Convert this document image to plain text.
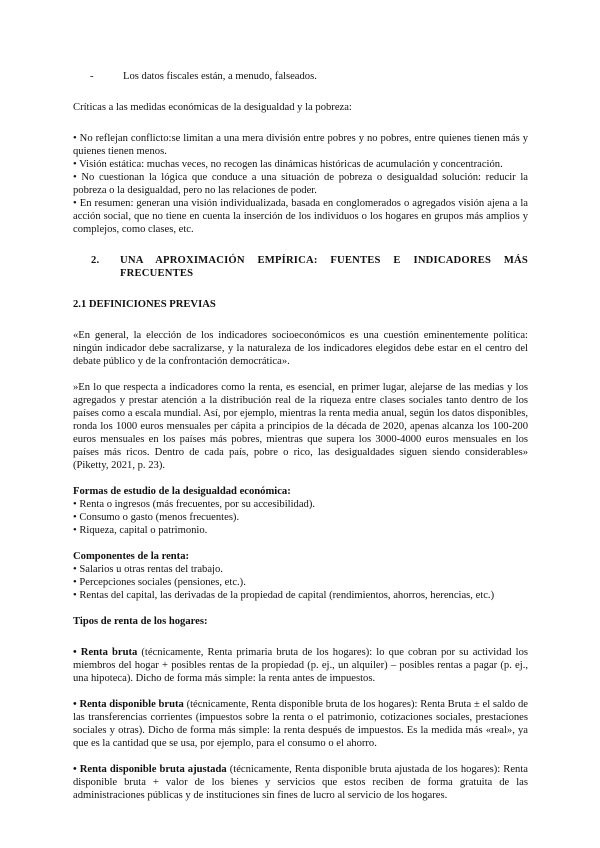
-	Los datos fiscales están, a menudo, falseados.

Críticas a las medidas económicas de la desigualdad y la pobreza:

• No reflejan conflicto:se limitan a una mera división entre pobres y no pobres, entre quienes tienen más y quienes tienen menos.

• Visión estática: muchas veces, no recogen las dinámicas históricas de acumulación y concentración.

• No cuestionan la lógica que conduce a una situación de pobreza o desigualdad solución: reducir la pobreza o la desigualdad, pero no las relaciones de poder.

• En resumen: generan una visión individualizada, basada en conglomerados o agregados visión ajena a la acción social, que no tiene en cuenta la inserción de los individuos o los hogares en grupos más amplios y complejos, como clases, etc.

2. UNA APROXIMACIÓN EMPÍRICA: FUENTES E INDICADORES MÁS FRECUENTES

2.1 DEFINICIONES PREVIAS

«En general, la elección de los indicadores socioeconómicos es una cuestión eminentemente política: ningún indicador debe sacralizarse, y la naturaleza de los indicadores elegidos debe estar en el centro del debate público y de la confrontación democrática».

»En lo que respecta a indicadores como la renta, es esencial, en primer lugar, alejarse de las medias y los agregados y prestar atención a la distribución real de la riqueza entre clases sociales tanto dentro de los países como a escala mundial. Así, por ejemplo, mientras la renta media anual, según los datos disponibles, ronda los 1000 euros mensuales per cápita a principios de la década de 2020, apenas alcanza los 100-200 euros mensuales en los países más pobres, mientras que supera los 3000-4000 euros mensuales en los países más ricos. Dentro de cada país, pobre o rico, las desigualdades siguen siendo considerables» (Piketty, 2021, p. 23).

Formas de estudio de la desigualdad económica:

• Renta o ingresos (más frecuentes, por su accesibilidad).

• Consumo o gasto (menos frecuentes).

• Riqueza, capital o patrimonio.

Componentes de la renta:

• Salarios u otras rentas del trabajo.

• Percepciones sociales (pensiones, etc.).

• Rentas del capital, las derivadas de la propiedad de capital (rendimientos, ahorros, herencias, etc.)

Tipos de renta de los hogares:

• Renta bruta (técnicamente, Renta primaria bruta de los hogares): lo que cobran por su actividad los miembros del hogar + posibles rentas de la propiedad (p. ej., un alquiler) – posibles rentas a pagar (p. ej., una hipoteca). Dicho de forma más simple: la renta antes de impuestos.

• Renta disponible bruta (técnicamente, Renta disponible bruta de los hogares): Renta Bruta ± el saldo de las transferencias corrientes (impuestos sobre la renta o el patrimonio, cotizaciones sociales, prestaciones sociales y otras). Dicho de forma más simple: la renta después de impuestos. Es la medida más «real», ya que es la cantidad que se usa, por ejemplo, para el consumo o el ahorro.

• Renta disponible bruta ajustada (técnicamente, Renta disponible bruta ajustada de los hogares): Renta disponible bruta + valor de los bienes y servicios que estos reciben de forma gratuita de las administraciones públicas y de instituciones sin fines de lucro al servicio de los hogares.
